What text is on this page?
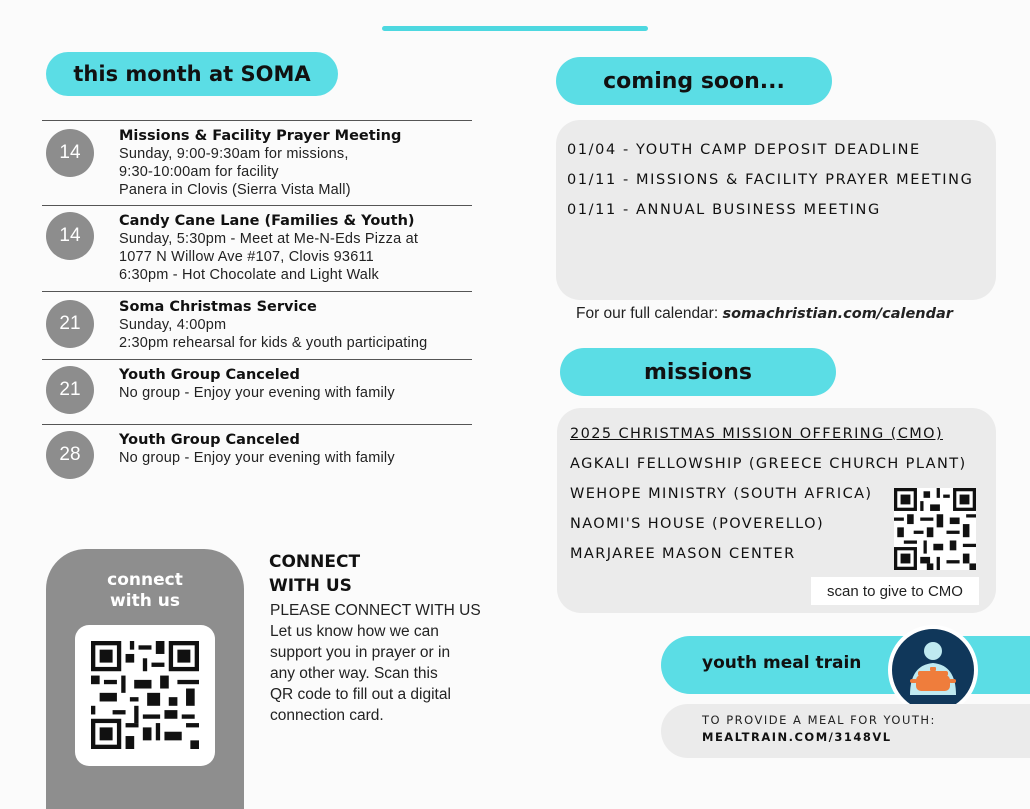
this month at SOMA
14
Missions & Facility Prayer Meeting
Sunday, 9:00-9:30am for missions,
9:30-10:00am for facility
Panera in Clovis (Sierra Vista Mall)
14
Candy Cane Lane (Families & Youth)
Sunday, 5:30pm - Meet at Me-N-Eds Pizza at
1077 N Willow Ave #107, Clovis 93611
6:30pm - Hot Chocolate and Light Walk
21
Soma Christmas Service
Sunday, 4:00pm
2:30pm rehearsal for kids & youth participating
21
Youth Group Canceled
No group - Enjoy your evening with family
28
Youth Group Canceled
No group - Enjoy your evening with family
coming soon...
01/04 - YOUTH CAMP DEPOSIT DEADLINE
01/11 - MISSIONS & FACILITY PRAYER MEETING
01/11 - ANNUAL BUSINESS MEETING
For our full calendar: somachristian.com/calendar
missions
2025 CHRISTMAS MISSION OFFERING (CMO)
AGKALI FELLOWSHIP (GREECE CHURCH PLANT)
WEHOPE MINISTRY (SOUTH AFRICA)
NAOMI'S HOUSE (POVERELLO)
MARJAREE MASON CENTER
scan to give to CMO
youth meal train
TO PROVIDE A MEAL FOR YOUTH:
MEALTRAIN.COM/3148VL
connect
with us
CONNECT
WITH US
PLEASE CONNECT WITH US
Let us know how we can
support you in prayer or in
any other way. Scan this
QR code to fill out a digital
connection card.
